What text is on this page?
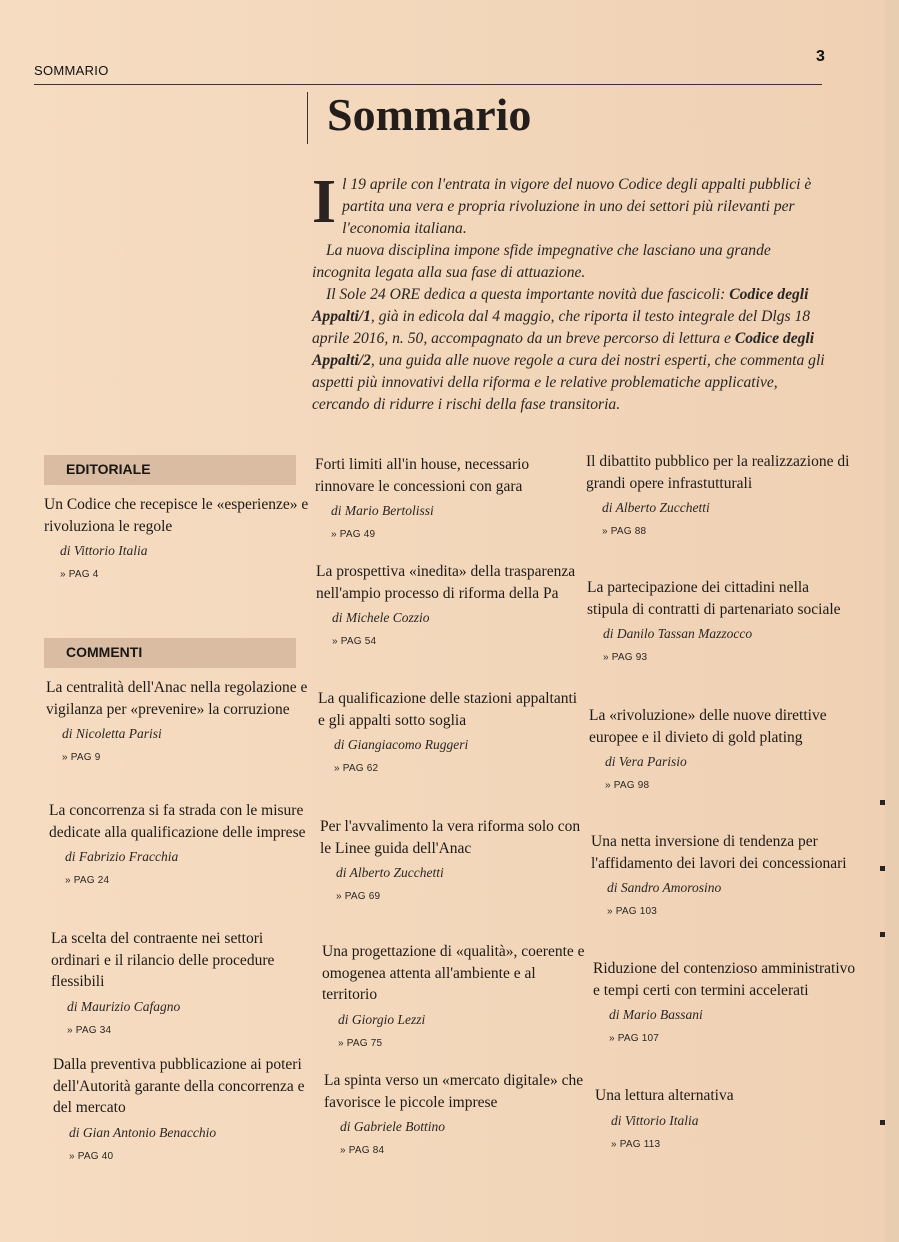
SOMMARIO
3
Sommario

Il 19 aprile con l'entrata in vigore del nuovo Codice degli appalti pubblici è partita una vera e propria rivoluzione in uno dei settori più rilevanti per l'economia italiana.

La nuova disciplina impone sfide impegnative che lasciano una grande incognita legata alla sua fase di attuazione.

Il Sole 24 ORE dedica a questa importante novità due fascicoli: Codice degli Appalti/1, già in edicola dal 4 maggio, che riporta il testo integrale del Dlgs 18 aprile 2016, n. 50, accompagnato da un breve percorso di lettura e Codice degli Appalti/2, una guida alle nuove regole a cura dei nostri esperti, che commenta gli aspetti più innovativi della riforma e le relative problematiche applicative, cercando di ridurre i rischi della fase transitoria.

EDITORIALE
COMMENTI
Un Codice che recepisce le «esperienze» e rivoluziona le regole
di Vittorio Italia
» PAG 4
La centralità dell'Anac nella regolazione e vigilanza per «prevenire» la corruzione
di Nicoletta Parisi
» PAG 9
La concorrenza si fa strada con le misure dedicate alla qualificazione delle imprese
di Fabrizio Fracchia
» PAG 24
La scelta del contraente nei settori ordinari e il rilancio delle procedure flessibili
di Maurizio Cafagno
» PAG 34
Dalla preventiva pubblicazione ai poteri dell'Autorità garante della concorrenza e del mercato
di Gian Antonio Benacchio
» PAG 40
Forti limiti all'in house, necessario rinnovare le concessioni con gara
di Mario Bertolissi
» PAG 49
La prospettiva «inedita» della trasparenza nell'ampio processo di riforma della Pa
di Michele Cozzio
» PAG 54
La qualificazione delle stazioni appaltanti e gli appalti sotto soglia
di Giangiacomo Ruggeri
» PAG 62
Per l'avvalimento la vera riforma solo con le Linee guida dell'Anac
di Alberto Zucchetti
» PAG 69
Una progettazione di «qualità», coerente e omogenea attenta all'ambiente e al territorio
di Giorgio Lezzi
» PAG 75
La spinta verso un «mercato digitale» che favorisce le piccole imprese
di Gabriele Bottino
» PAG 84
Il dibattito pubblico per la realizzazione di grandi opere infrastutturali
di Alberto Zucchetti
» PAG 88
La partecipazione dei cittadini nella stipula di contratti di partenariato sociale
di Danilo Tassan Mazzocco
» PAG 93
La «rivoluzione» delle nuove direttive europee e il divieto di gold plating
di Vera Parisio
» PAG 98
Una netta inversione di tendenza per l'affidamento dei lavori dei concessionari
di Sandro Amorosino
» PAG 103
Riduzione del contenzioso amministrativo e tempi certi con termini accelerati
di Mario Bassani
» PAG 107
Una lettura alternativa
di Vittorio Italia
» PAG 113
